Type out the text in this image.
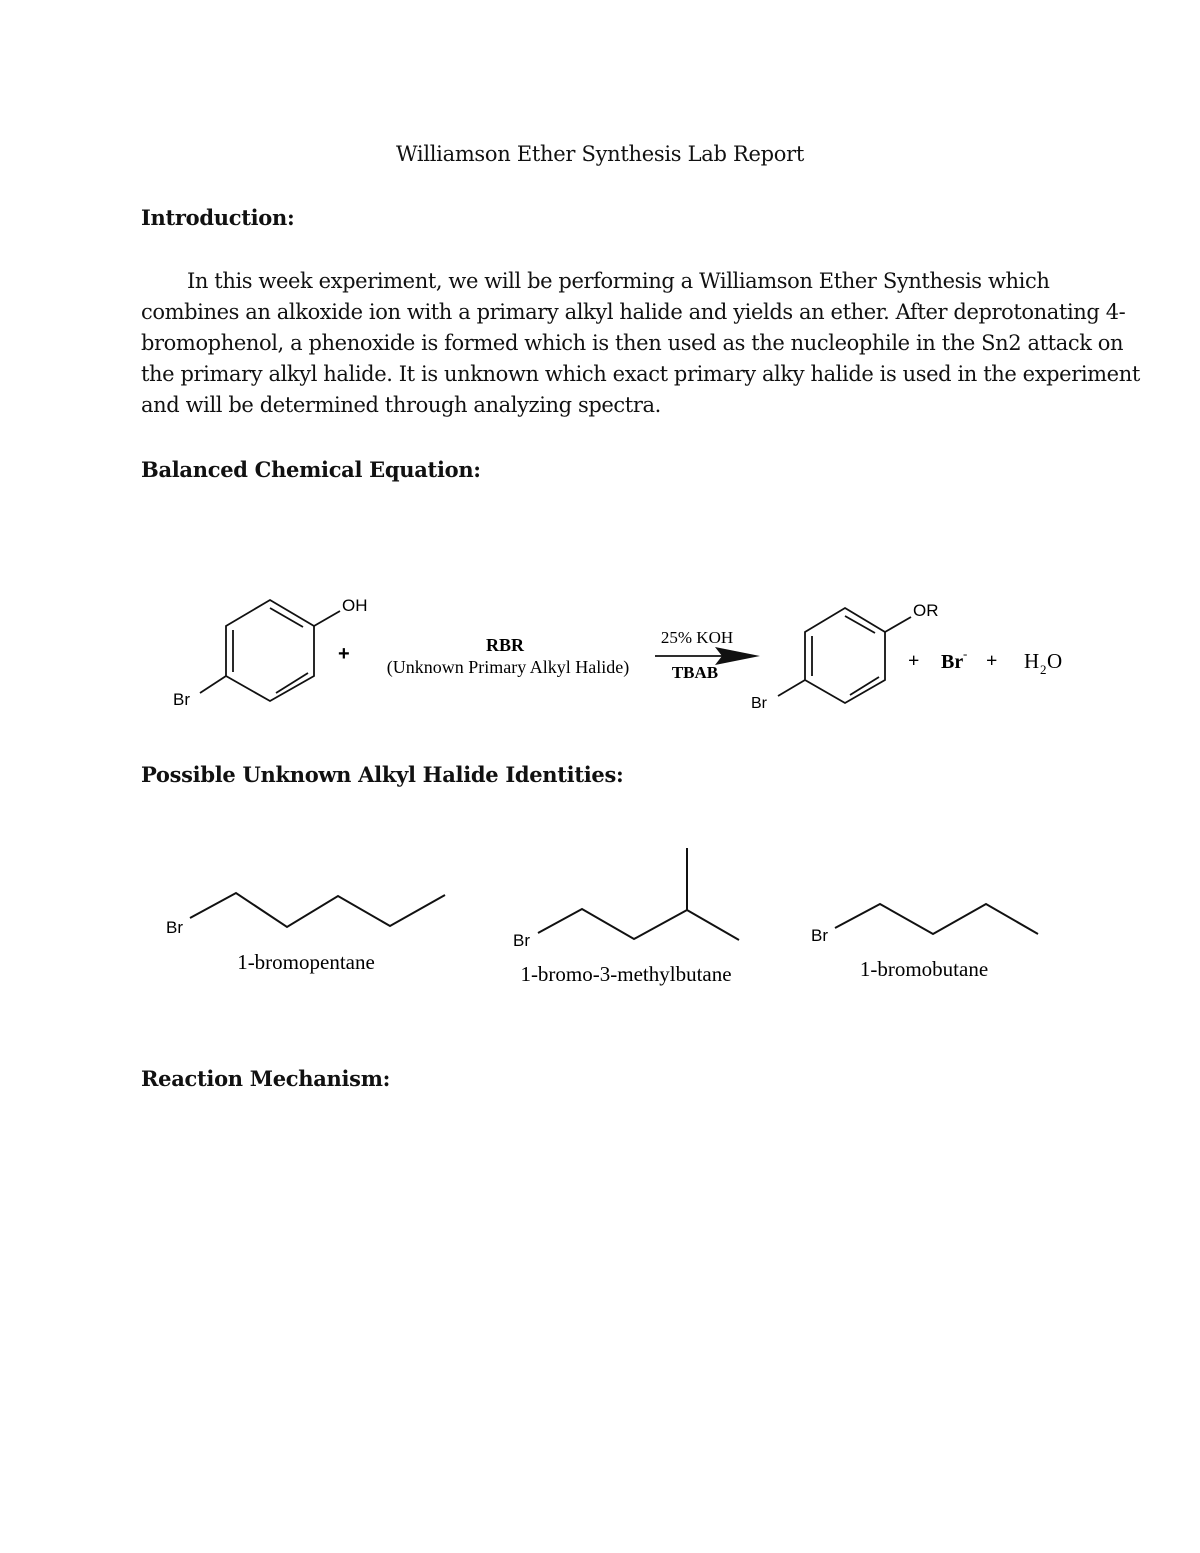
Williamson Ether Synthesis Lab Report
Introduction:
In this week experiment, we will be performing a Williamson Ether Synthesis which
combines an alkoxide ion with a primary alkyl halide and yields an ether. After deprotonating 4-
bromophenol, a phenoxide is formed which is then used as the nucleophile in the Sn2 attack on
the primary alkyl halide. It is unknown which exact primary alky halide is used in the experiment
and will be determined through analyzing spectra.
Balanced Chemical Equation:
OH
Br
+	RBR
(Unknown Primary Alkyl Halide)
25% KOH
TBAB
OR
Br
+ Br - + H 2 O
Possible Unknown Alkyl Halide Identities:
Br
1-bromopentane
Br
1-bromo-3-methylbutane
Br
1-bromobutane
Reaction Mechanism:
